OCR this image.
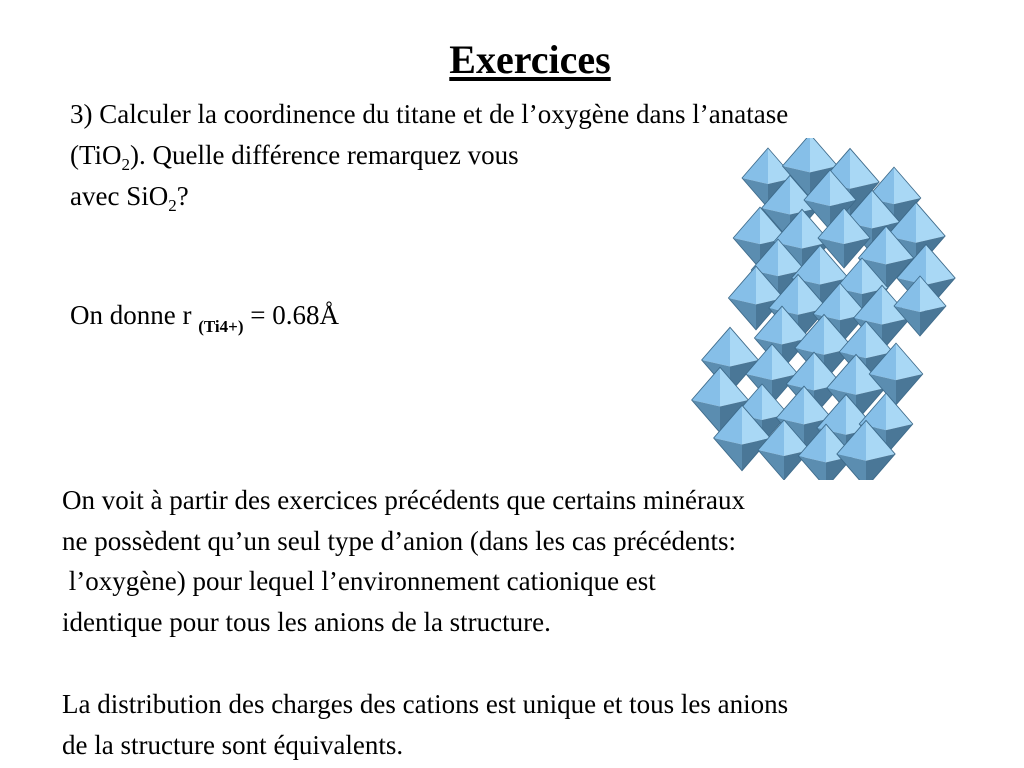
Exercices
3) Calculer la coordinence du titane et de l’oxygène dans l’anatase
(TiO$_2$). Quelle différence remarquez vous
avec SiO$_2$?
On donne r $_{(Ti4+)}$ = 0.68Å
On voit à partir des exercices précédents que certains minéraux
ne possèdent qu’un seul type d’anion (dans les cas précédents:
l’oxygène) pour lequel l’environnement cationique est
identique pour tous les anions de la structure.
La distribution des charges des cations est unique et tous les anions
de la structure sont équivalents.
